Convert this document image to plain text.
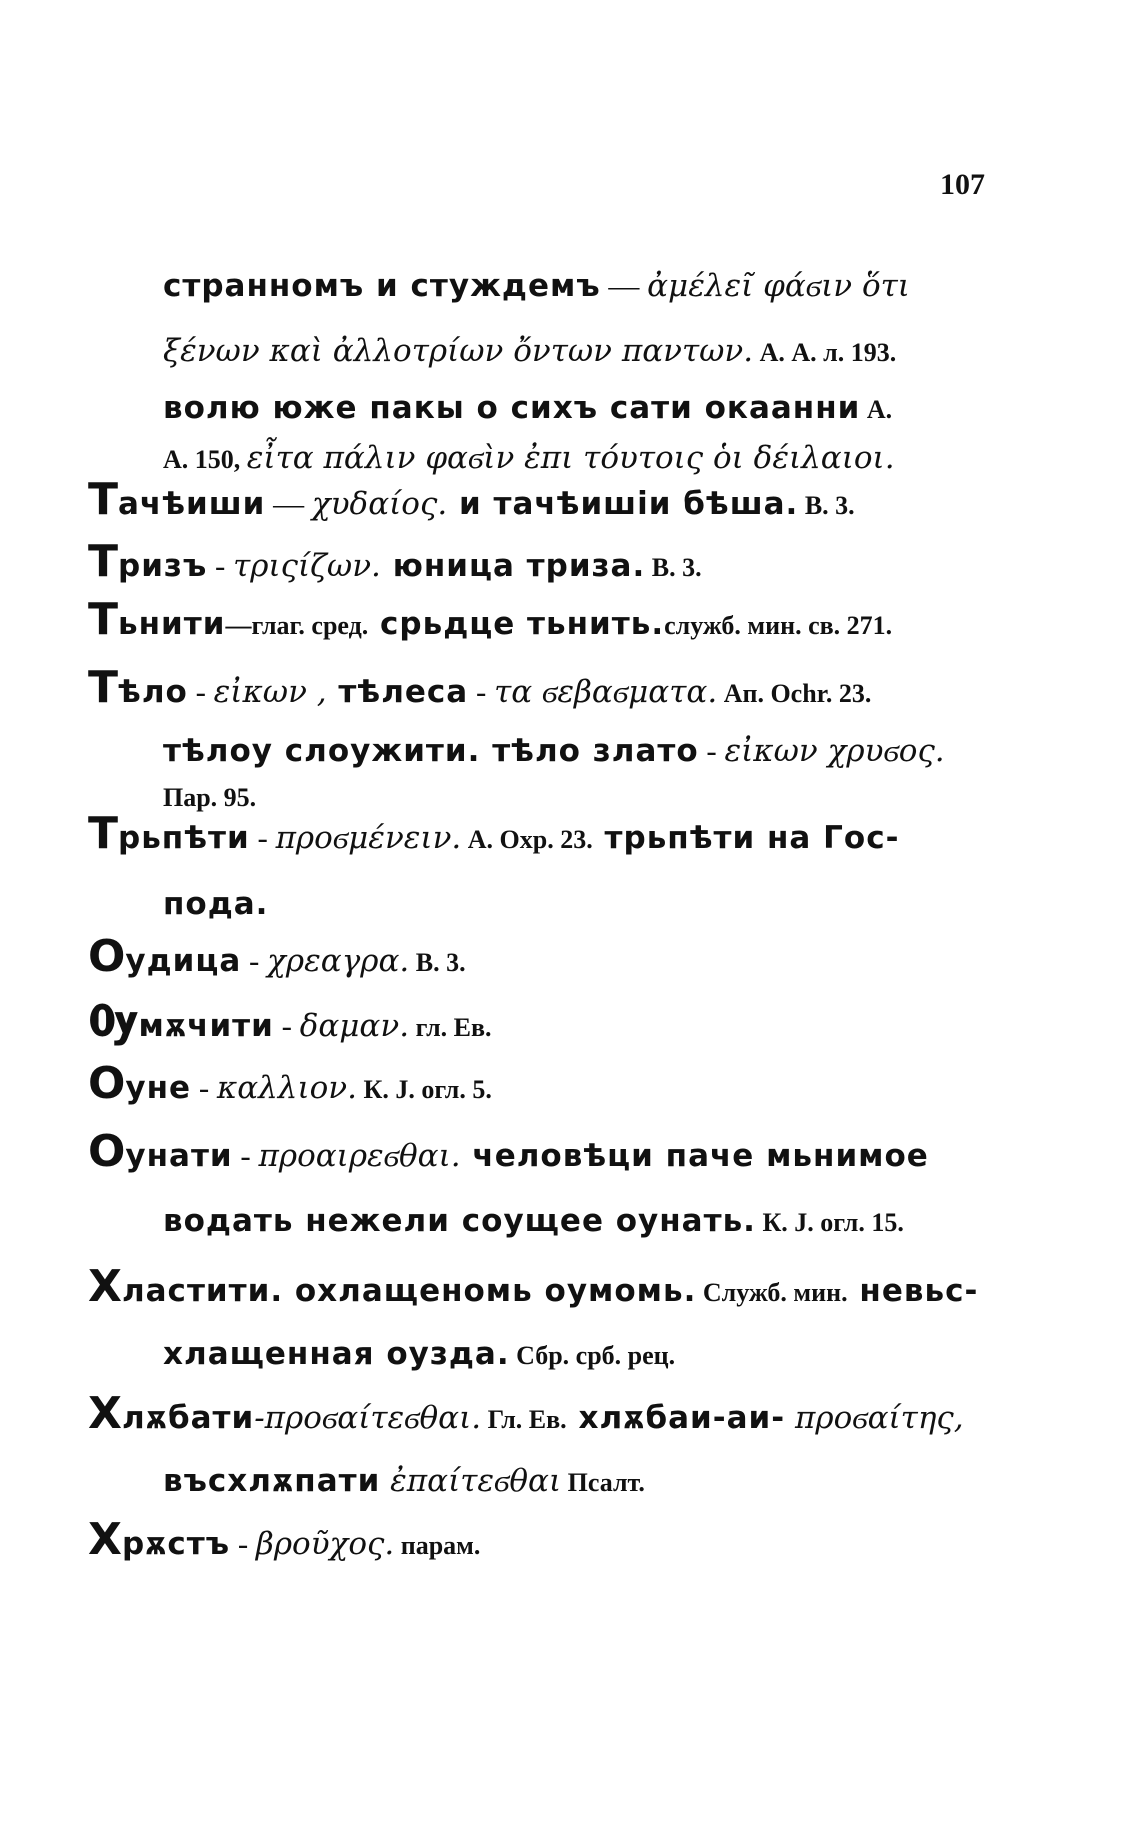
107
странномъ и стуждемъ — ἀμέλεῖ φάϭιν ὅτι
ξένων καὶ ἀλλοτρίων ὄντων παντων. А. А. л. 193.
волю юже пакы о сихъ сати окаанни А.
А. 150, εἶτα πάλιν φαϭὶν ἐπι τόυτοις ὁι δέιλαιοι.
Тачѣиши — χυδαίος. и тачѣишіи бѣша. В. 3.
Тризъ - τριςίζων. юница триза. В. 3.
Тьнити—глаг. сред. срьдце тьнить.служб. мин. св. 271.
Тѣло - εἰκων , тѣлеса - τα ϭεβαϭματα. Ап. Ochr. 23.
тѣлоу слоужити. тѣло злато - εἰκων χρυϭος.
Пар. 95.
Трьпѣти - προϭμένειν. А. Охр. 23. трьпѣти на Гос-
пода.
Оудица - χρεαγρα. В. 3.
Ѹмѫчити - δαμαν. гл. Ев.
Оуне - καλλιον. К. J. огл. 5.
Оунати - προαιρεϭθαι. человѣци паче мьнимое
водать нежели соущее оунать. К. J. огл. 15.
Хластити. охлащеномь оумомь. Служб. мин. невьс-
хлащенная оузда. Сбр. срб. рец.
Хлѫбати-προϭαίτεϭθαι. Гл. Ев. хлѫбаи-аи- προϭαίτης,
въсхлѫпати ἐπαίτεϭθαι Псалт.
Хрѫстъ - βροῦχος. парам.
